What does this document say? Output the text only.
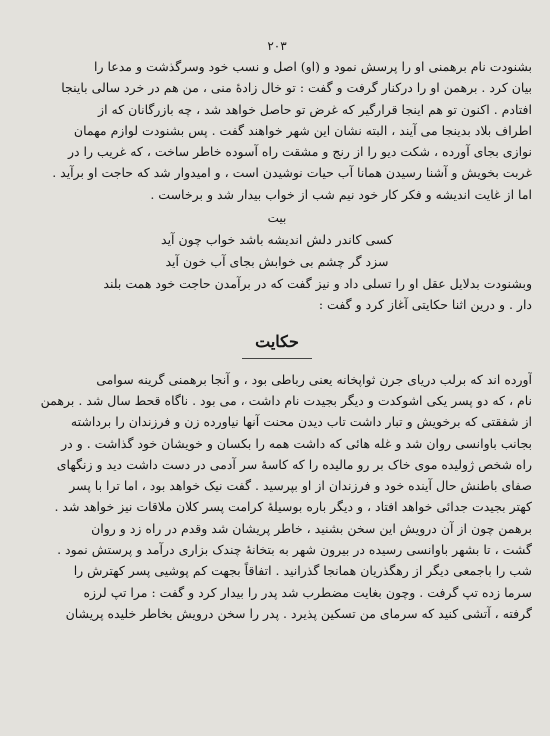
۲۰۳
بشنودت نام برهمنی او را پرسش نمود و (او) اصل و نسب خود وسرگذشت و مدعا را
بیان کرد . برهمن او را درکنار گرفت و گفت : تو خال زادهٔ منی ، من هم در خرد سالی باینجا
افتادم . اکنون تو هم اینجا قرارگیر که غرض تو حاصل خواهد شد ، چه بازرگانان که از
اطراف بلاد بدینجا می آیند ، البته نشان این شهر خواهند گفت . پس بشنودت لوازم مهمان
نوازی بجای آورده ، شکت دیو را از رنج و مشقت راه آسوده خاطر ساخت ، که غریب را در
غربت بخویش و آشنا رسیدن همانا آب حیات نوشیدن است ، و امیدوار شد که حاجت او برآید .
اما از غایت اندیشه و فکر کار خود نیم شب از خواب بیدار شد و برخاست .
بیت
کسی کاندر دلش اندیشه باشد خواب چون آید
سزد گر چشم بی خوابش بجای آب خون آید
وبشنودت بدلایل عقل او را تسلی داد و نیز گفت که در برآمدن حاجت خود همت بلند
دار . و درین اثنا حکایتی آغاز کرد و گفت :
حکایت
آورده اند که برلب دریای جرن ثواپخانه یعنی رباطی بود ، و آنجا برهمنی گرینه سوامی
نام ، که دو پسر یکی اشوکدت و دیگر بجیدت نام داشت ، می بود . ناگاه قحط سال شد . برهمن
از شفقتی که برخویش و تبار داشت تاب دیدن محنت آنها نیاورده زن و فرزندان را برداشته
بجانب باوانسی روان شد و غله هائی که داشت همه را بکسان و خویشان خود گذاشت . و در
راه شخص ژولیده موی خاک بر رو مالیده را که کاسهٔ سر آدمی در دست داشت دید و زنگهای
صفای باطنش حال آینده خود و فرزندان از او بپرسید . گفت نیک خواهد بود ، اما ترا با پسر
کهتر بجیدت جدائی خواهد افتاد ، و دیگر باره بوسیلهٔ کرامت پسر کلان ملاقات نیز خواهد شد .
برهمن چون از آن درویش این سخن بشنید ، خاطر پریشان شد وقدم در راه زد و روان
گشت ، تا بشهر باوانسی رسیده در بیرون شهر به بتخانهٔ چندک بزاری درآمد و پرستش نمود .
شب را باجمعی دیگر از رهگذریان همانجا گذرانید . اتفاقاً بجهت کم پوشیی پسر کهترش را
سرما زده تپ گرفت . وچون بغایت مضطرب شد پدر را بیدار کرد و گفت : مرا تپ لرزه
گرفته ، آتشی کنید که سرمای من تسکین پذیرد . پدر را سخن درویش بخاطر خلیده پریشان
